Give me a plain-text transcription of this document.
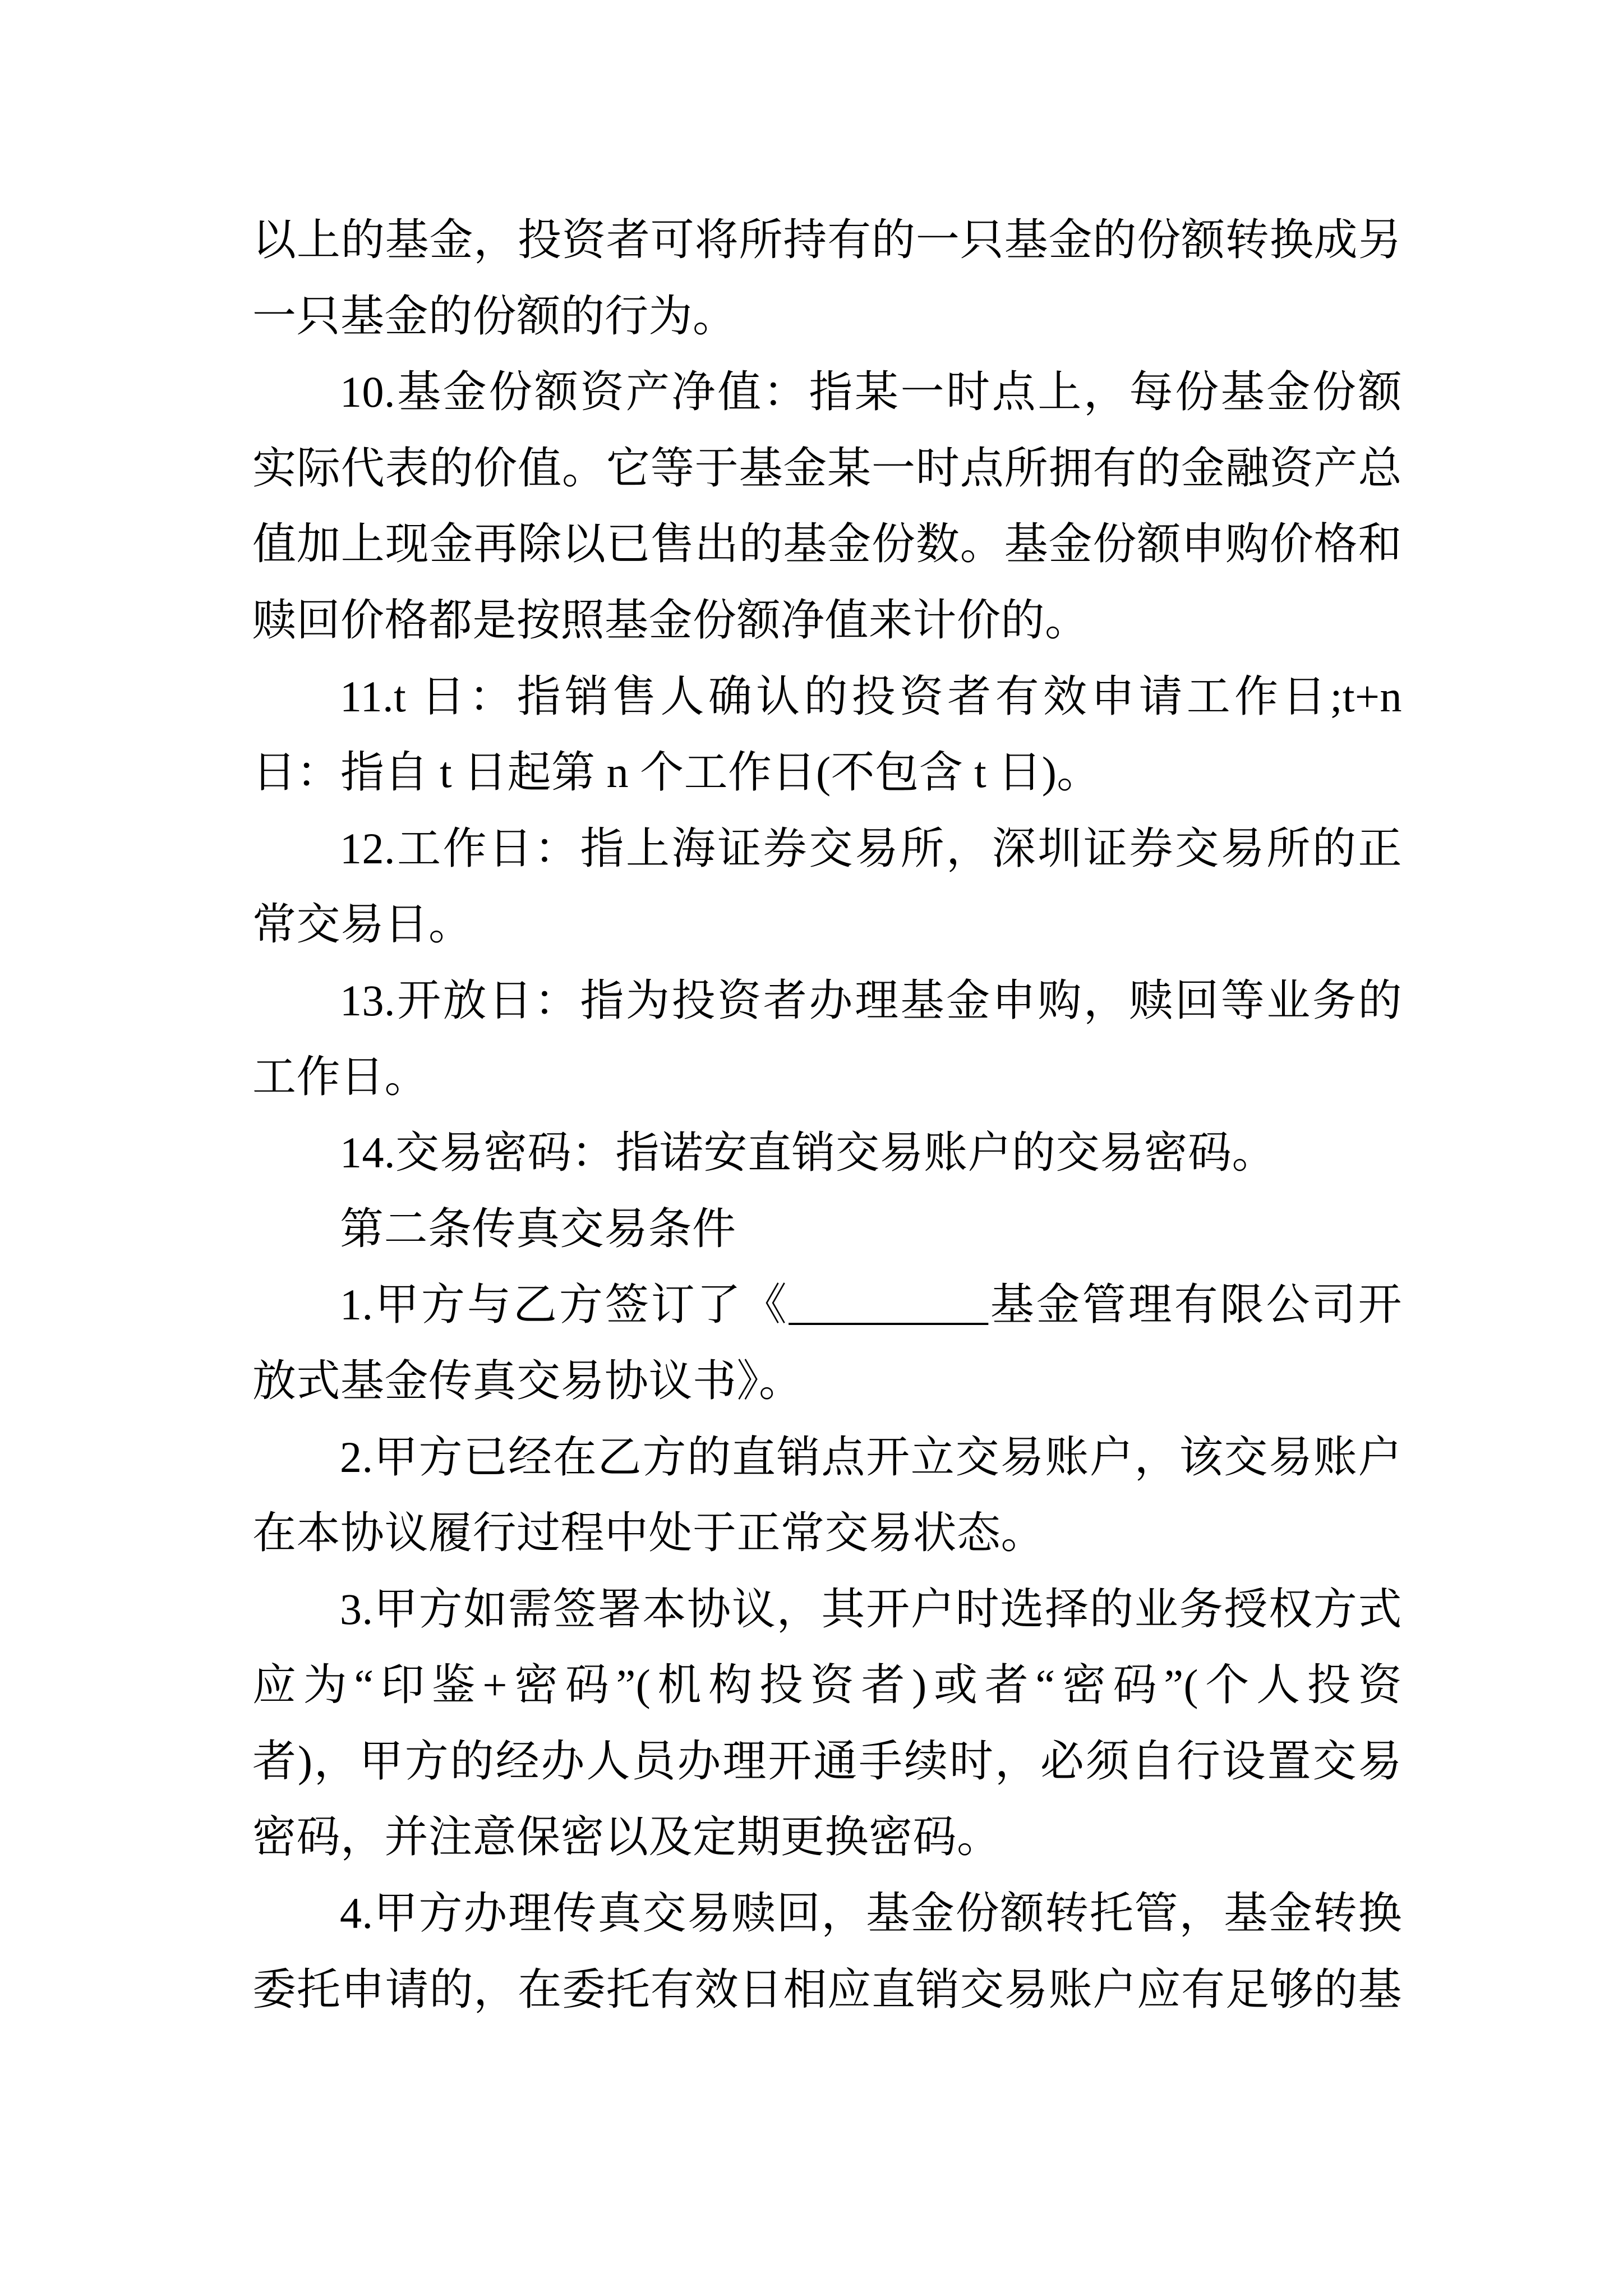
以上的基金，投资者可将所持有的一只基金的份额转换成另
一只基金的份额的行为。
10.基金份额资产净值：指某一时点上，每份基金份额
实际代表的价值。它等于基金某一时点所拥有的金融资产总
值加上现金再除以已售出的基金份数。基金份额申购价格和
赎回价格都是按照基金份额净值来计价的。
11.t 日：指销售人确认的投资者有效申请工作日;t+n
日：指自 t 日起第 n 个工作日(不包含 t 日)。
12.工作日：指上海证券交易所，深圳证券交易所的正
常交易日。
13.开放日：指为投资者办理基金申购，赎回等业务的
工作日。
14.交易密码：指诺安直销交易账户的交易密码。
第二条传真交易条件
1.甲方与乙方签订了《_________基金管理有限公司开
放式基金传真交易协议书》。
2.甲方已经在乙方的直销点开立交易账户，该交易账户
在本协议履行过程中处于正常交易状态。
3.甲方如需签署本协议，其开户时选择的业务授权方式
应为“印鉴+密码”(机构投资者)或者“密码”(个人投资
者)，甲方的经办人员办理开通手续时，必须自行设置交易
密码，并注意保密以及定期更换密码。
4.甲方办理传真交易赎回，基金份额转托管，基金转换
委托申请的，在委托有效日相应直销交易账户应有足够的基
